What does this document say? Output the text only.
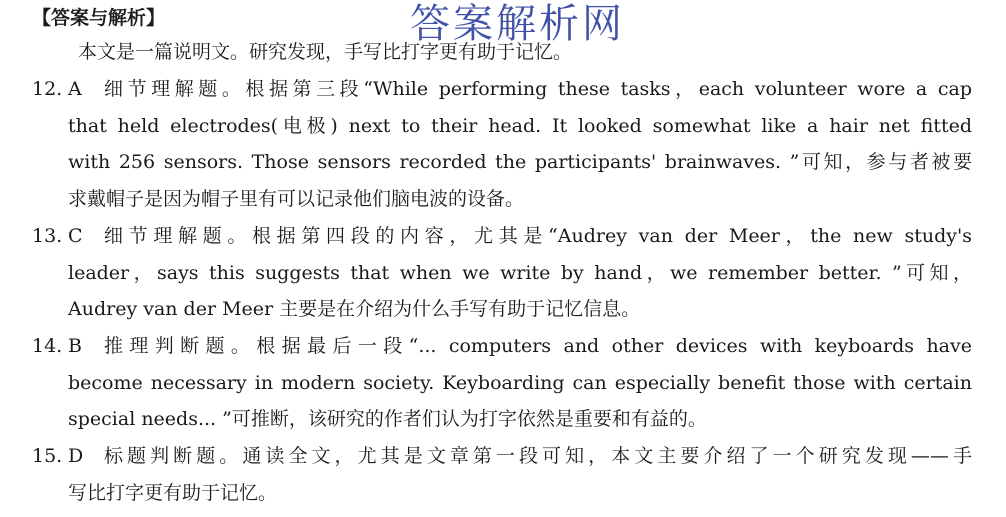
【答案与解析】	答案解析网
本文是一篇说明文。研究发现，手写比打字更有助于记忆。
12. A	细节理解题。根据第三段“While performing these tasks，each volunteer wore a cap
that held electrodes(电极) next to their head. It looked somewhat like a hair net fitted
with 256 sensors. Those sensors recorded the participants' brainwaves. ”可知，参与者被要
求戴帽子是因为帽子里有可以记录他们脑电波的设备。
13. C	细节理解题。根据第四段的内容，尤其是“Audrey van der Meer，the new study's
leader，says this suggests that when we write by hand，we remember better. ”可知，
Audrey van der Meer 主要是在介绍为什么手写有助于记忆信息。
14. B	推理判断题。根据最后一段“... computers and other devices with keyboards have
become necessary in modern society. Keyboarding can especially benefit those with certain
special needs... ”可推断，该研究的作者们认为打字依然是重要和有益的。
15. D	标题判断题。通读全文，尤其是文章第一段可知，本文主要介绍了一个研究发现——手
写比打字更有助于记忆。
